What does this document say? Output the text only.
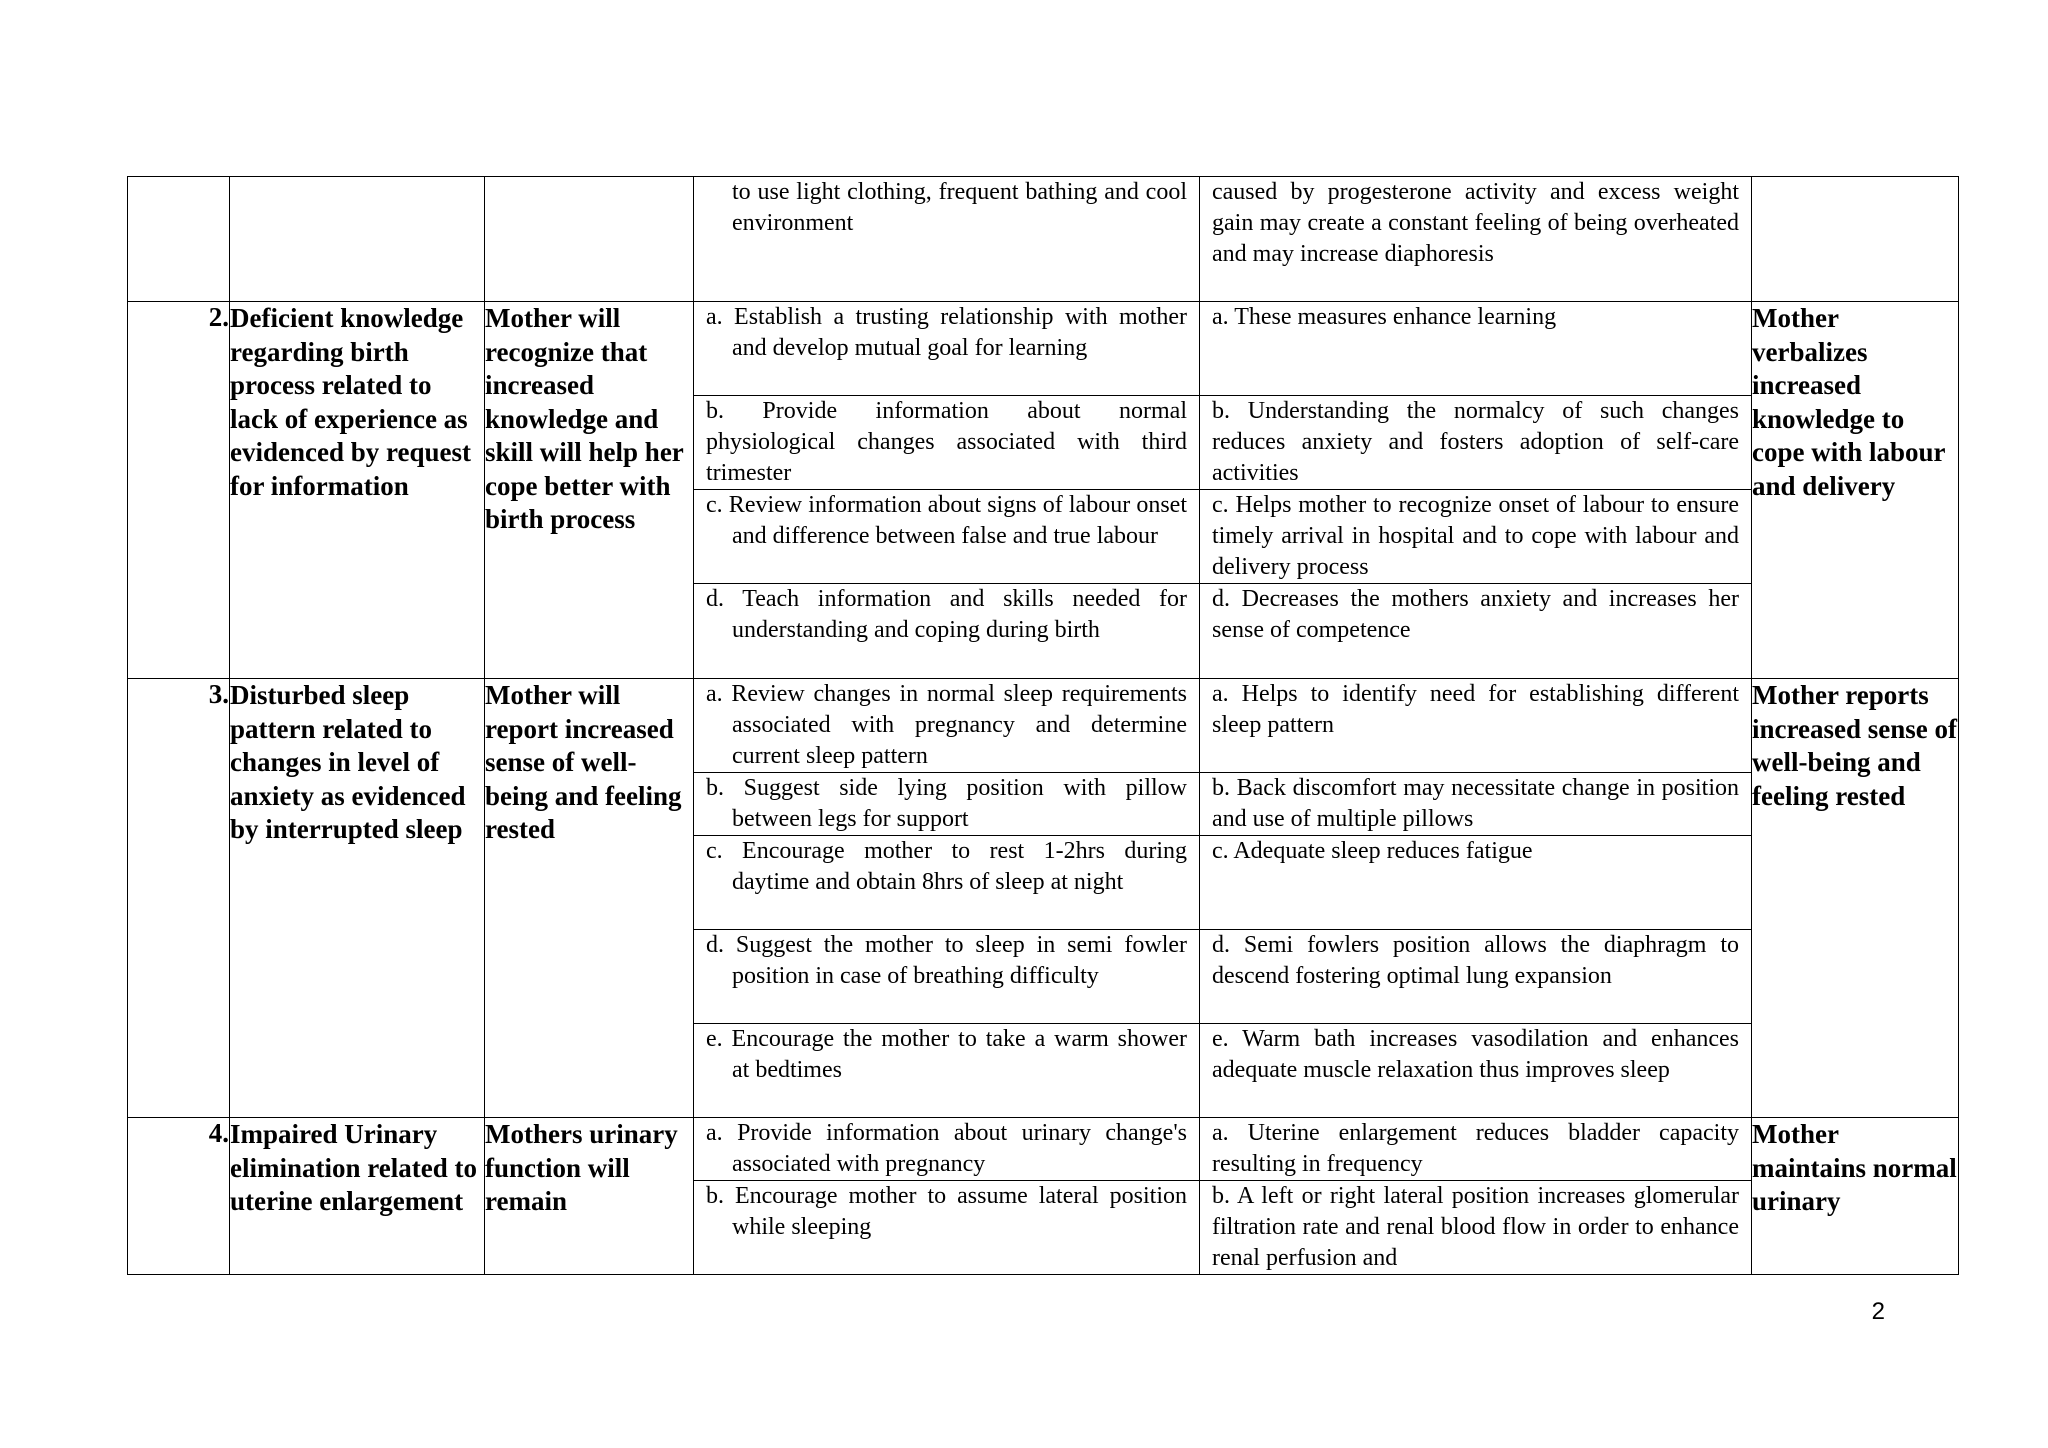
			to use light clothing, frequent bathing and cool environment	caused by progesterone activity and excess weight gain may create a constant feeling of being overheated and may increase diaphoresis	

2.	Deficient knowledge regarding birth process related to lack of experience as evidenced by request for information	Mother will recognize that increased knowledge and skill will help her cope better with birth process	a. Establish a trusting relationship with mother and develop mutual goal for learning	a. These measures enhance learning	Mother verbalizes increased knowledge to cope with labour and delivery

			b. Provide information about normal physiological changes associated with third trimester	b. Understanding the normalcy of such changes reduces anxiety and fosters adoption of self-care activities	

			c. Review information about signs of labour onset and difference between false and true labour	c. Helps mother to recognize onset of labour to ensure timely arrival in hospital and to cope with labour and delivery process	

			d. Teach information and skills needed for understanding and coping during birth	d. Decreases the mothers anxiety and increases her sense of competence	

3.	Disturbed sleep pattern related to changes in level of anxiety as evidenced by interrupted sleep	Mother will report increased sense of well-being and feeling rested	a. Review changes in normal sleep requirements associated with pregnancy and determine current sleep pattern	a. Helps to identify need for establishing different sleep pattern	Mother reports increased sense of well-being and feeling rested

			b. Suggest side lying position with pillow between legs for support	b. Back discomfort may necessitate change in position and use of multiple pillows	

			c. Encourage mother to rest 1-2hrs during daytime and obtain 8hrs of sleep at night	c. Adequate sleep reduces fatigue	

			d. Suggest the mother to sleep in semi fowler position in case of breathing difficulty	d. Semi fowlers position allows the diaphragm to descend fostering optimal lung expansion	

			e. Encourage the mother to take a warm shower at bedtimes	e. Warm bath increases vasodilation and enhances adequate muscle relaxation thus improves sleep	

4.	Impaired Urinary elimination related to uterine enlargement	Mothers urinary function will remain	a. Provide information about urinary change's associated with pregnancy	a. Uterine enlargement reduces bladder capacity resulting in frequency	Mother maintains normal urinary

			b. Encourage mother to assume lateral position while sleeping	b. A left or right lateral position increases glomerular filtration rate and renal blood flow in order to enhance renal perfusion and	
2
